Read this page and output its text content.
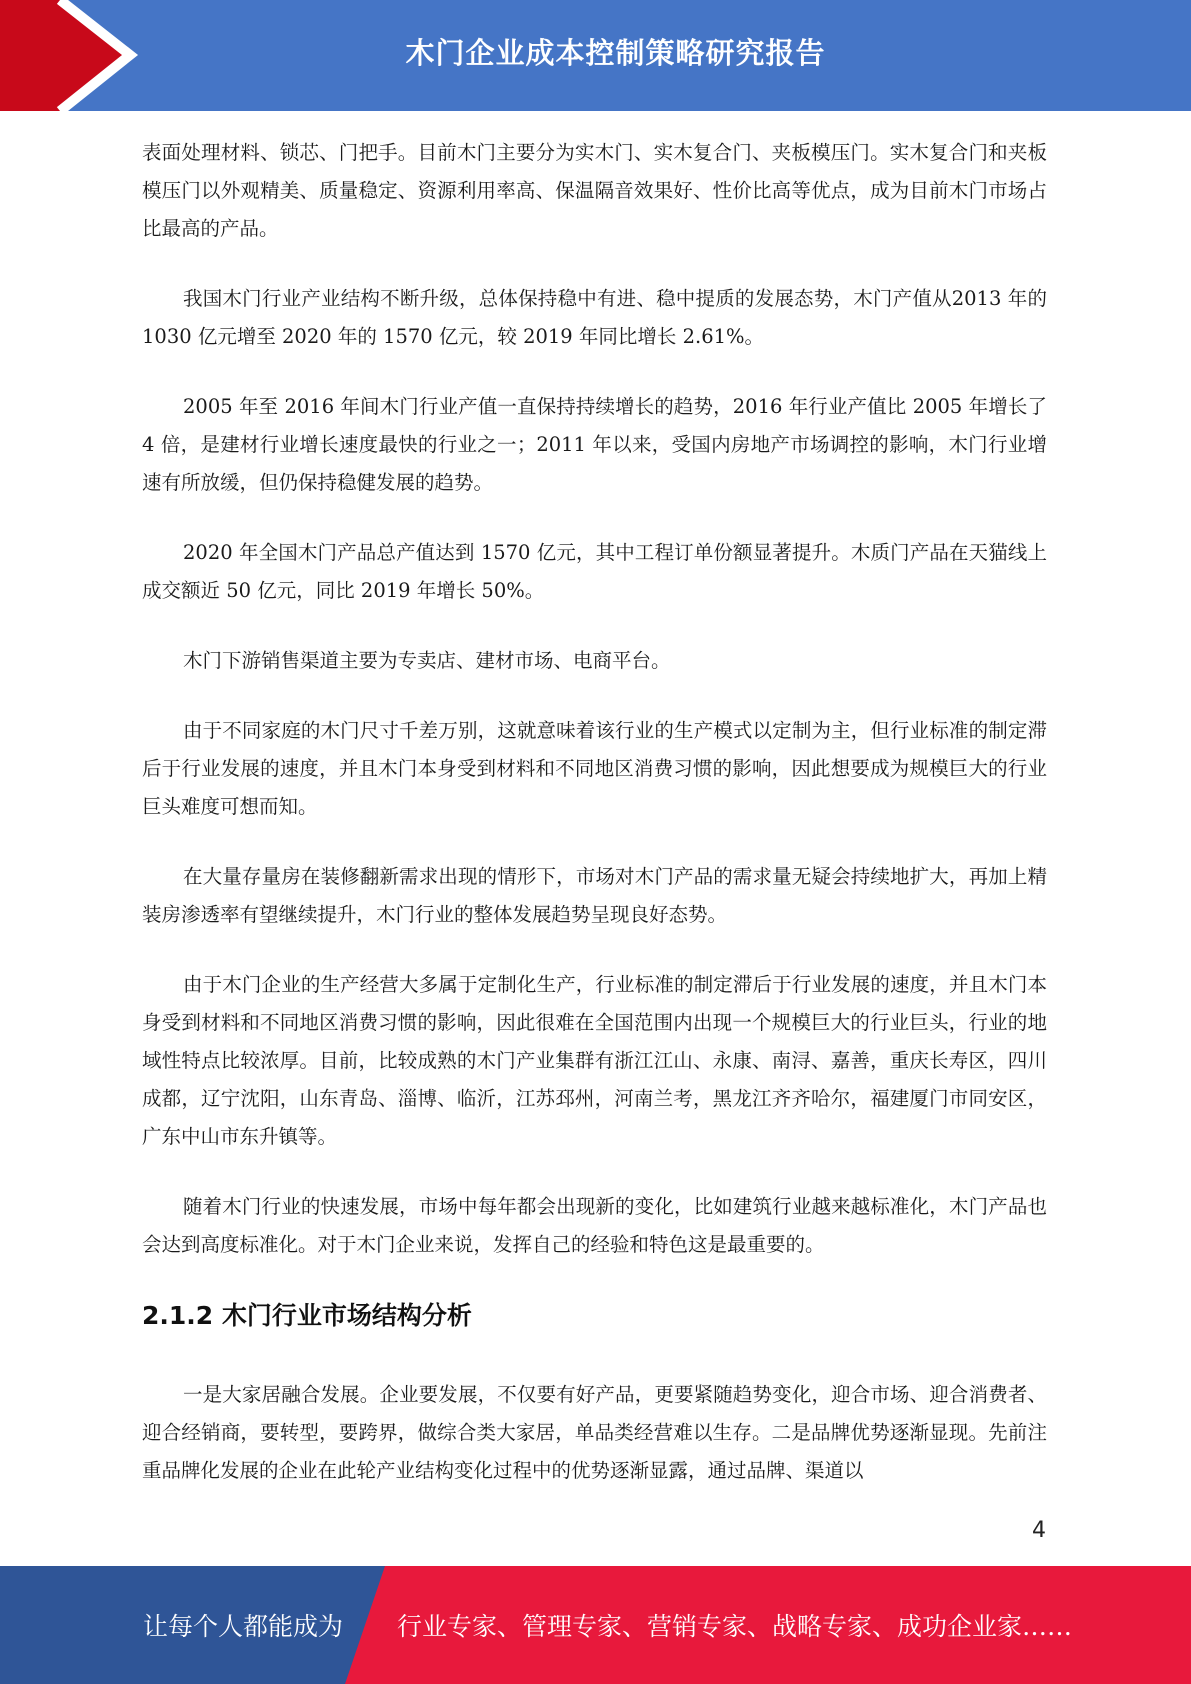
木门企业成本控制策略研究报告

表面处理材料、锁芯、门把手。目前木门主要分为实木门、实木复合门、夹板模压门。实木复合门和夹板模压门以外观精美、质量稳定、资源利用率高、保温隔音效果好、性价比高等优点，成为目前木门市场占比最高的产品。

我国木门行业产业结构不断升级，总体保持稳中有进、稳中提质的发展态势，木门产值从2013 年的 1030 亿元增至 2020 年的 1570 亿元，较 2019 年同比增长 2.61%。

2005 年至 2016 年间木门行业产值一直保持持续增长的趋势，2016 年行业产值比 2005 年增长了 4 倍，是建材行业增长速度最快的行业之一；2011 年以来，受国内房地产市场调控的影响，木门行业增速有所放缓，但仍保持稳健发展的趋势。

2020 年全国木门产品总产值达到 1570 亿元，其中工程订单份额显著提升。木质门产品在天猫线上成交额近 50 亿元，同比 2019 年增长 50%。

木门下游销售渠道主要为专卖店、建材市场、电商平台。

由于不同家庭的木门尺寸千差万别，这就意味着该行业的生产模式以定制为主，但行业标准的制定滞后于行业发展的速度，并且木门本身受到材料和不同地区消费习惯的影响，因此想要成为规模巨大的行业巨头难度可想而知。

在大量存量房在装修翻新需求出现的情形下，市场对木门产品的需求量无疑会持续地扩大，再加上精装房渗透率有望继续提升，木门行业的整体发展趋势呈现良好态势。

由于木门企业的生产经营大多属于定制化生产，行业标准的制定滞后于行业发展的速度，并且木门本身受到材料和不同地区消费习惯的影响，因此很难在全国范围内出现一个规模巨大的行业巨头，行业的地域性特点比较浓厚。目前，比较成熟的木门产业集群有浙江江山、永康、南浔、嘉善，重庆长寿区，四川成都，辽宁沈阳，山东青岛、淄博、临沂，江苏邳州，河南兰考，黑龙江齐齐哈尔，福建厦门市同安区，广东中山市东升镇等。

随着木门行业的快速发展，市场中每年都会出现新的变化，比如建筑行业越来越标准化，木门产品也会达到高度标准化。对于木门企业来说，发挥自己的经验和特色这是最重要的。

2.1.2 木门行业市场结构分析

一是大家居融合发展。企业要发展，不仅要有好产品，更要紧随趋势变化，迎合市场、迎合消费者、迎合经销商，要转型，要跨界，做综合类大家居，单品类经营难以生存。二是品牌优势逐渐显现。先前注重品牌化发展的企业在此轮产业结构变化过程中的优势逐渐显露，通过品牌、渠道以

4
让每个人都能成为 行业专家、管理专家、营销专家、战略专家、成功企业家……
